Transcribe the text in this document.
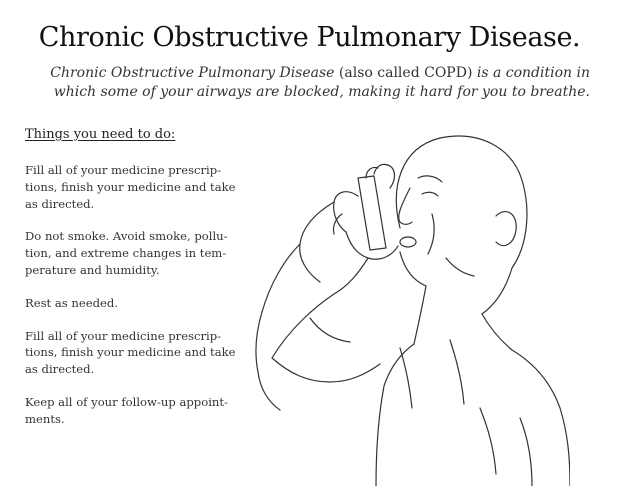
Chronic Obstructive Pulmonary Disease.
Chronic Obstructive Pulmonary Disease (also called COPD) is a condition in which some of your airways are blocked, making it hard for you to breathe.
Things you need to do:
Fill all of your medicine prescrip-
tions, finish your medicine and take
as directed.
Do not smoke. Avoid smoke, pollu-
tion, and extreme changes in tem-
perature and humidity.
Rest as needed.
Fill all of your medicine prescrip-
tions, finish your medicine and take
as directed.
Keep all of your follow-up appoint-
ments.
